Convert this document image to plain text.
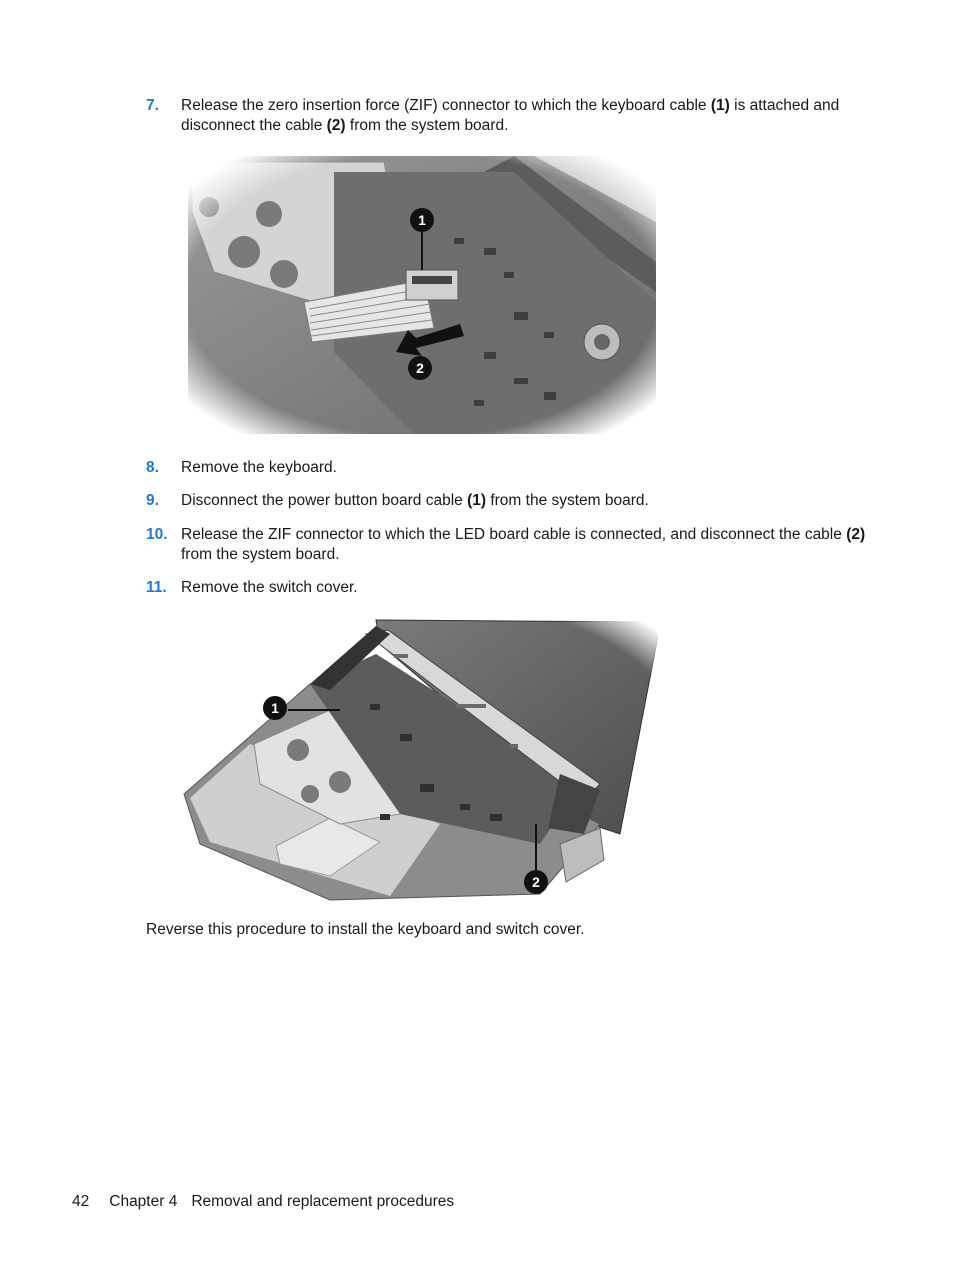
7. Release the zero insertion force (ZIF) connector to which the keyboard cable (1) is attached and disconnect the cable (2) from the system board.
8. Remove the keyboard.
9. Disconnect the power button board cable (1) from the system board.
10. Release the ZIF connector to which the LED board cable is connected, and disconnect the cable (2) from the system board.
11. Remove the switch cover.
Reverse this procedure to install the keyboard and switch cover.
42 Chapter 4 Removal and replacement procedures
